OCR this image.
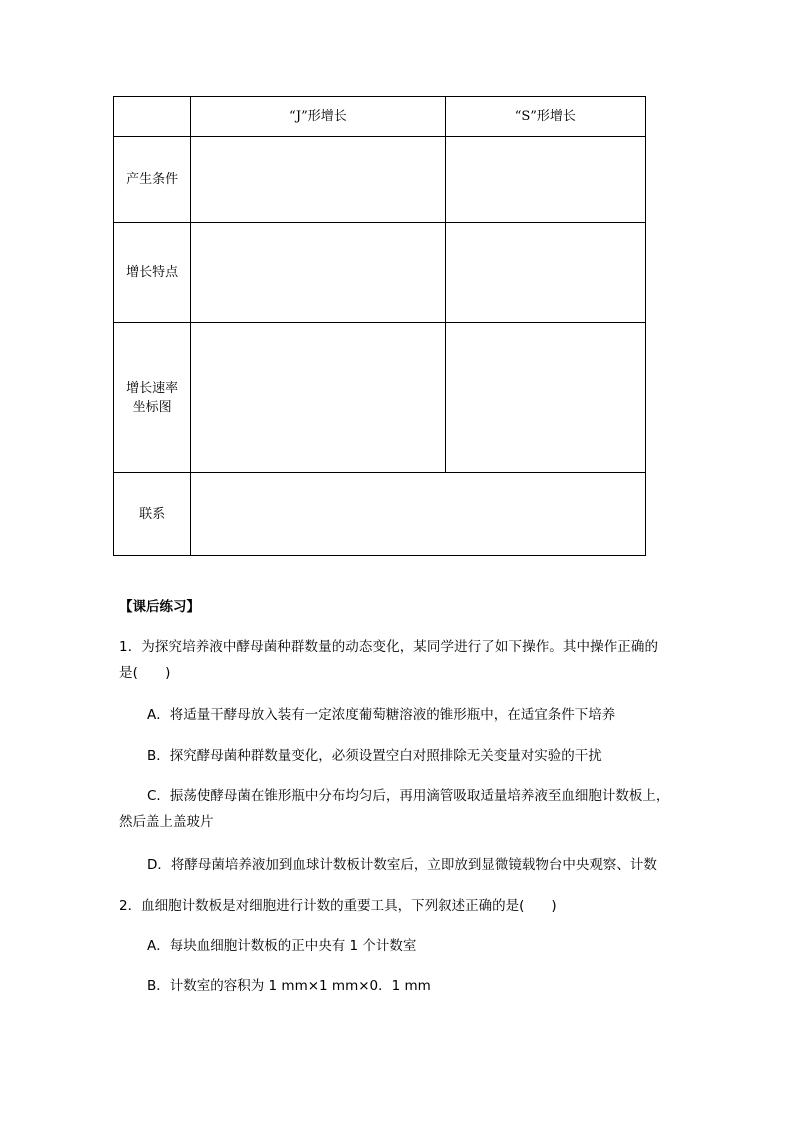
	“J”形增长	“S”形增长
产生条件		
增长特点		

增长速率
坐标图		

联系		

【课后练习】

1．为探究培养液中酵母菌种群数量的动态变化，某同学进行了如下操作。其中操作正确的
是(　　)

A．将适量干酵母放入装有一定浓度葡萄糖溶液的锥形瓶中，在适宜条件下培养

B．探究酵母菌种群数量变化，必须设置空白对照排除无关变量对实验的干扰

C．振荡使酵母菌在锥形瓶中分布均匀后，再用滴管吸取适量培养液至血细胞计数板上，
然后盖上盖玻片

D．将酵母菌培养液加到血球计数板计数室后，立即放到显微镜载物台中央观察、计数

2．血细胞计数板是对细胞进行计数的重要工具，下列叙述正确的是(　　)

A．每块血细胞计数板的正中央有 1 个计数室

B．计数室的容积为 1 mm×1 mm×0．1 mm
